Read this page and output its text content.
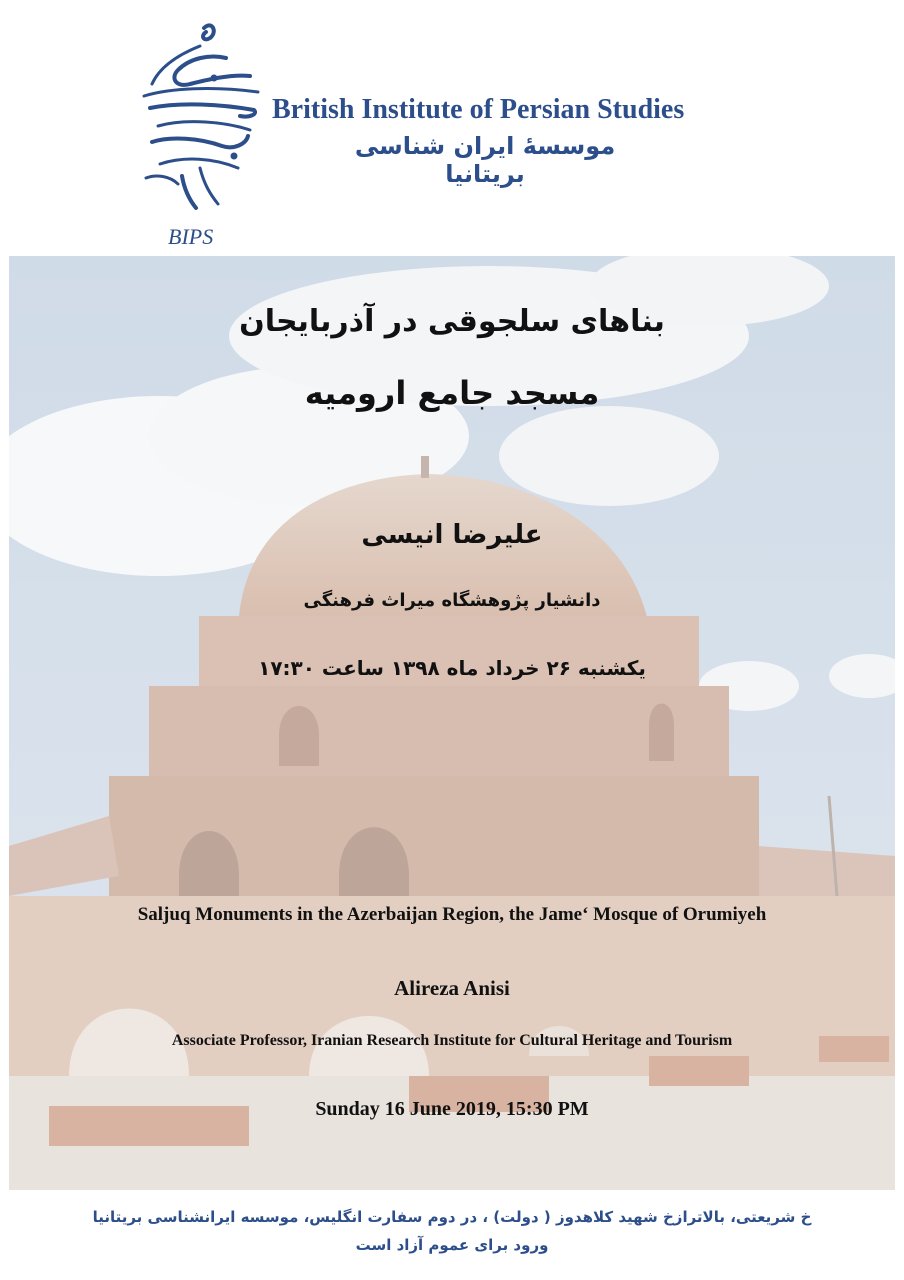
BIPS
British Institute of Persian Studies
موسسهٔ ایران شناسی بریتانیا
بناهای سلجوقی در آذربایجان
مسجد جامع ارومیه
علیرضا انیسی
دانشیار پژوهشگاه میراث فرهنگی
یکشنبه ۲۶ خرداد ماه ۱۳۹۸ ساعت ۱۷:۳۰
Saljuq Monuments in the Azerbaijan Region, the Jame‘ Mosque of Orumiyeh
Alireza Anisi
Associate Professor, Iranian Research Institute for Cultural Heritage and Tourism
Sunday 16 June 2019, 15:30 PM
خ شریعتی، بالاترازخ شهید کلاهدوز ( دولت) ، در دوم سفارت انگلیس، موسسه ایرانشناسی بریتانیا
ورود برای عموم آزاد است
